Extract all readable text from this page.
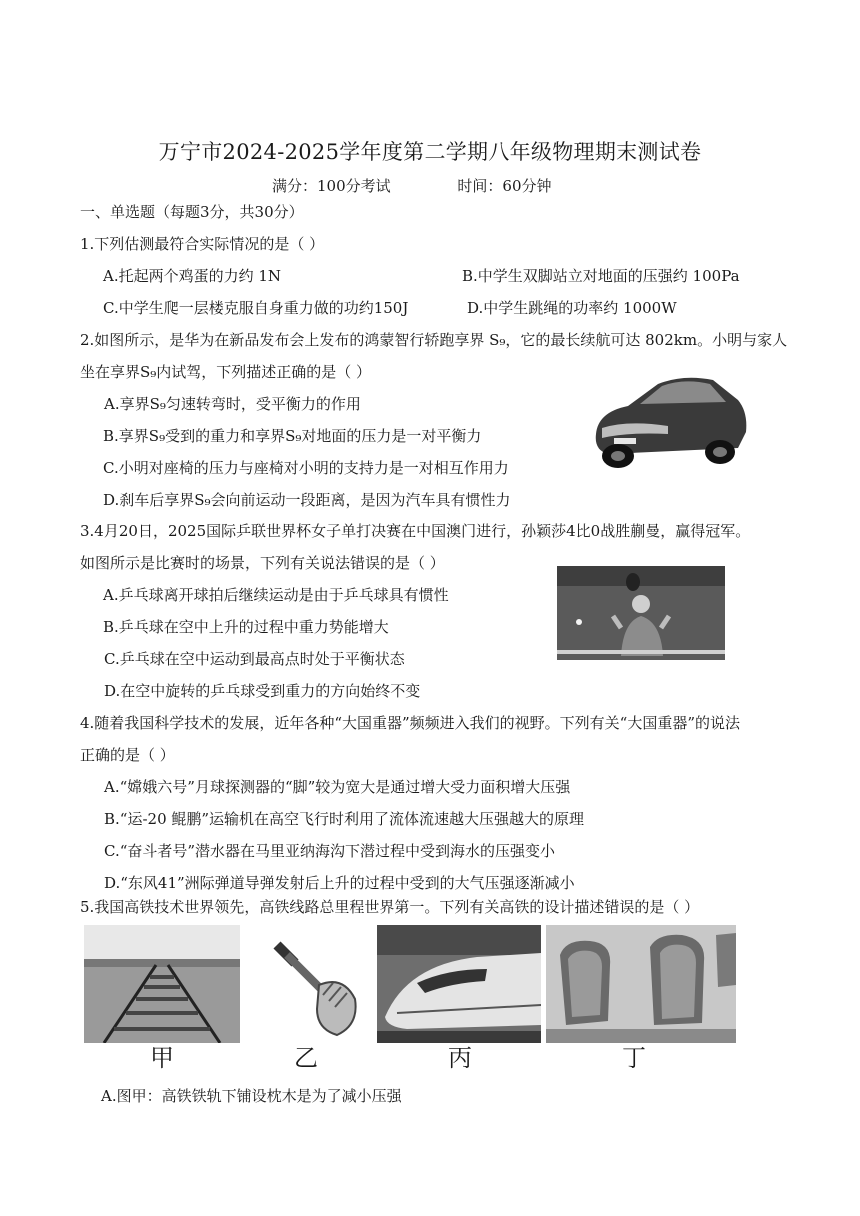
万宁市2024-2025学年度第二学期八年级物理期末测试卷
满分：100分考试	时间：60分钟
一、单选题（每题3分，共30分）
1.下列估测最符合实际情况的是（ ）
A.托起两个鸡蛋的力约 1N	B.中学生双脚站立对地面的压强约 100Pa
C.中学生爬一层楼克服自身重力做的功约150J	D.中学生跳绳的功率约 1000W
2.如图所示，是华为在新品发布会上发布的鸿蒙智行轿跑享界 S₉，它的最长续航可达 802km。小明与家人
坐在享界S₉内试驾，下列描述正确的是（ ）
A.享界S₉匀速转弯时，受平衡力的作用
B.享界S₉受到的重力和享界S₉对地面的压力是一对平衡力
C.小明对座椅的压力与座椅对小明的支持力是一对相互作用力
D.刹车后享界S₉会向前运动一段距离，是因为汽车具有惯性力
3.4月20日，2025国际乒联世界杯女子单打决赛在中国澳门进行，孙颖莎4比0战胜蒯曼，赢得冠军。
如图所示是比赛时的场景，下列有关说法错误的是（ ）
A.乒乓球离开球拍后继续运动是由于乒乓球具有惯性
B.乒乓球在空中上升的过程中重力势能增大
C.乒乓球在空中运动到最高点时处于平衡状态
D.在空中旋转的乒乓球受到重力的方向始终不变
4.随着我国科学技术的发展，近年各种“大国重器”频频进入我们的视野。下列有关“大国重器”的说法
正确的是（ ）
A.“嫦娥六号”月球探测器的“脚”较为宽大是通过增大受力面积增大压强
B.“运-20 鲲鹏”运输机在高空飞行时利用了流体流速越大压强越大的原理
C.“奋斗者号”潜水器在马里亚纳海沟下潜过程中受到海水的压强变小
D.“东风41”洲际弹道导弹发射后上升的过程中受到的大气压强逐渐减小
5.我国高铁技术世界领先，高铁线路总里程世界第一。下列有关高铁的设计描述错误的是（ ）
甲	乙	丙	丁
A.图甲：高铁铁轨下铺设枕木是为了减小压强
